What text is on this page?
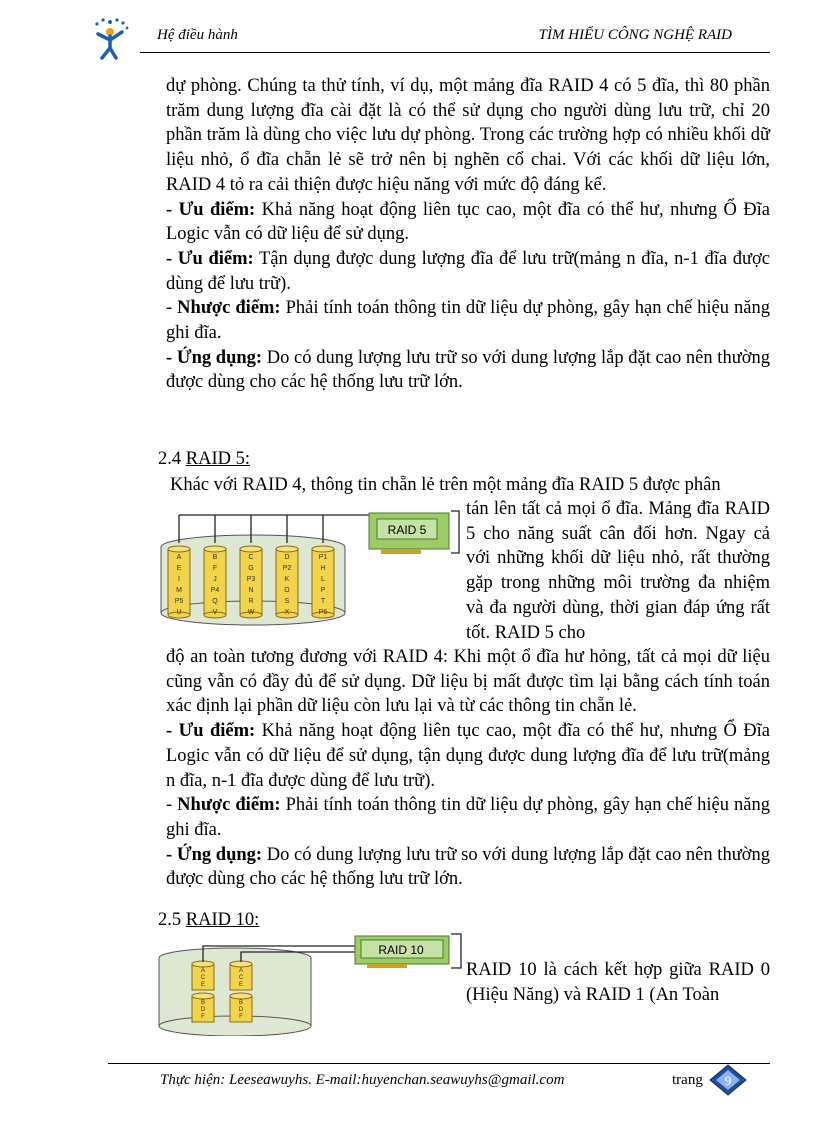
Hệ điều hành	TÌM HIỂU CÔNG NGHỆ RAID

dự phòng. Chúng ta thử tính, ví dụ, một mảng đĩa RAID 4 có 5 đĩa, thì 80 phần trăm dung lượng đĩa cài đặt là có thể sử dụng cho người dùng lưu trữ, chỉ 20 phần trăm là dùng cho việc lưu dự phòng. Trong các trường hợp có nhiều khối dữ liệu nhỏ, ổ đĩa chẵn lẻ sẽ trở nên bị nghẽn cổ chai. Với các khối dữ liệu lớn, RAID 4 tỏ ra cải thiện được hiệu năng với mức độ đáng kể.

- Ưu điểm: Khả năng hoạt động liên tục cao, một đĩa có thể hư, nhưng Ổ Đĩa Logic vẫn có dữ liệu để sử dụng.

- Ưu điểm: Tận dụng được dung lượng đĩa để lưu trữ(mảng n đĩa, n-1 đĩa được dùng để lưu trữ).

- Nhược điểm: Phải tính toán thông tin dữ liệu dự phòng, gây hạn chế hiệu năng ghi đĩa.

- Ứng dụng: Do có dung lượng lưu trữ so với dung lượng lắp đặt cao nên thường được dùng cho các hệ thống lưu trữ lớn.

2.4 RAID 5:
Khác với RAID 4, thông tin chẵn lẻ trên một mảng đĩa RAID 5 được phân
A
E
I
M
P5
U
B
F
J
P4
Q
V
C
G
P3
N
R
W
D
P2
K
O
S
X
P1
H
L
P
T
P6
RAID 5
tán lên tất cả mọi ổ đĩa. Mảng đĩa RAID 5 cho năng suất cân đối hơn. Ngay cả với những khối dữ liệu nhỏ, rất thường gặp trong những môi trường đa nhiệm và đa người dùng, thời gian đáp ứng rất tốt. RAID 5 cho

độ an toàn tương đương với RAID 4: Khi một ổ đĩa hư hỏng, tất cả mọi dữ liệu cũng vẫn có đầy đủ để sử dụng. Dữ liệu bị mất được tìm lại bằng cách tính toán xác định lại phần dữ liệu còn lưu lại và từ các thông tin chẵn lẻ.

- Ưu điểm: Khả năng hoạt động liên tục cao, một đĩa có thể hư, nhưng Ổ Đĩa Logic vẫn có dữ liệu để sử dụng, tận dụng được dung lượng đĩa để lưu trữ(mảng n đĩa, n-1 đĩa được dùng để lưu trữ).

- Nhược điểm: Phải tính toán thông tin dữ liệu dự phòng, gây hạn chế hiệu năng ghi đĩa.

- Ứng dụng: Do có dung lượng lưu trữ so với dung lượng lắp đặt cao nên thường được dùng cho các hệ thống lưu trữ lớn.

2.5 RAID 10:
A
C
E
A
C
E
B
D
F
B
D
F
RAID 10
RAID 10 là cách kết hợp giữa RAID 0 (Hiệu Năng) và RAID 1 (An Toàn
Thực hiện: Leeseawuyhs. E-mail:huyenchan.seawuyhs@gmail.com	trang 9
